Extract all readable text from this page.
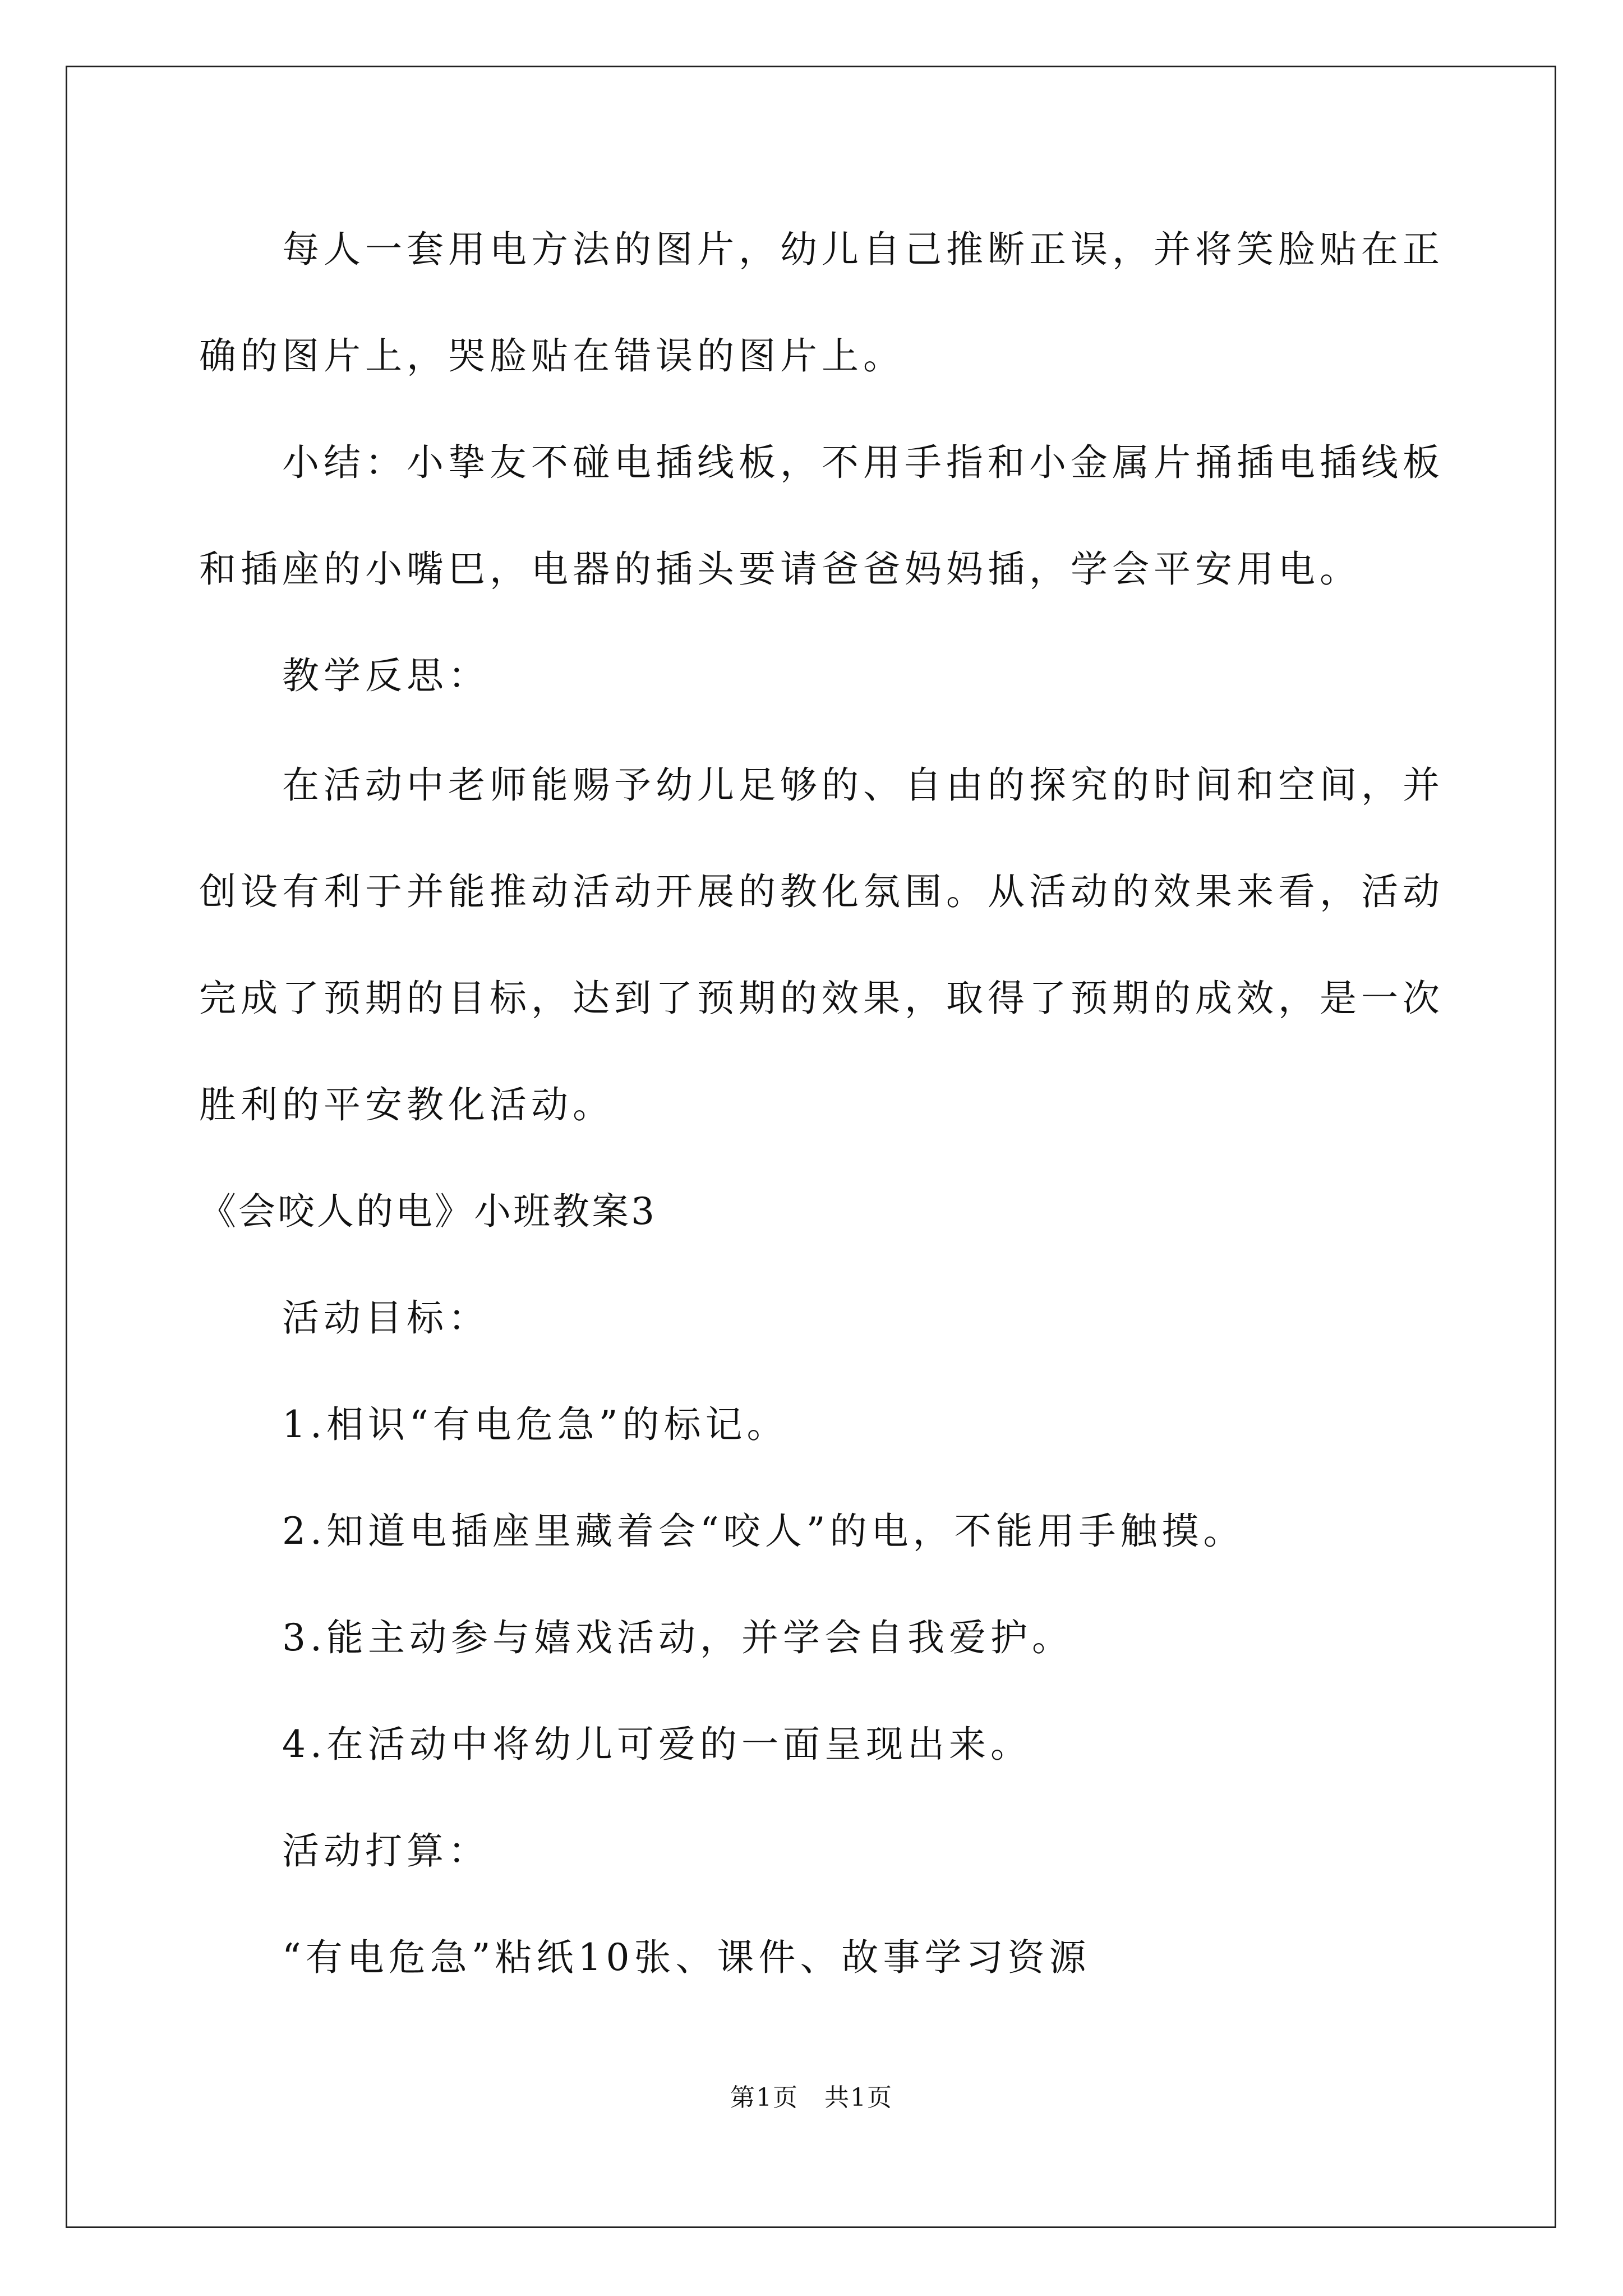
每人一套用电方法的图片，幼儿自己推断正误，并将笑脸贴在正
确的图片上，哭脸贴在错误的图片上。
小结：小挚友不碰电插线板，不用手指和小金属片捅插电插线板
和插座的小嘴巴，电器的插头要请爸爸妈妈插，学会平安用电。
教学反思：
在活动中老师能赐予幼儿足够的、自由的探究的时间和空间，并
创设有利于并能推动活动开展的教化氛围。从活动的效果来看，活动
完成了预期的目标，达到了预期的效果，取得了预期的成效，是一次
胜利的平安教化活动。
《会咬人的电》小班教案3
活动目标：
1.相识“有电危急”的标记。
2.知道电插座里藏着会“咬人”的电，不能用手触摸。
3.能主动参与嬉戏活动，并学会自我爱护。
4.在活动中将幼儿可爱的一面呈现出来。
活动打算：
“有电危急”粘纸10张、课件、故事学习资源
第1页　共1页
